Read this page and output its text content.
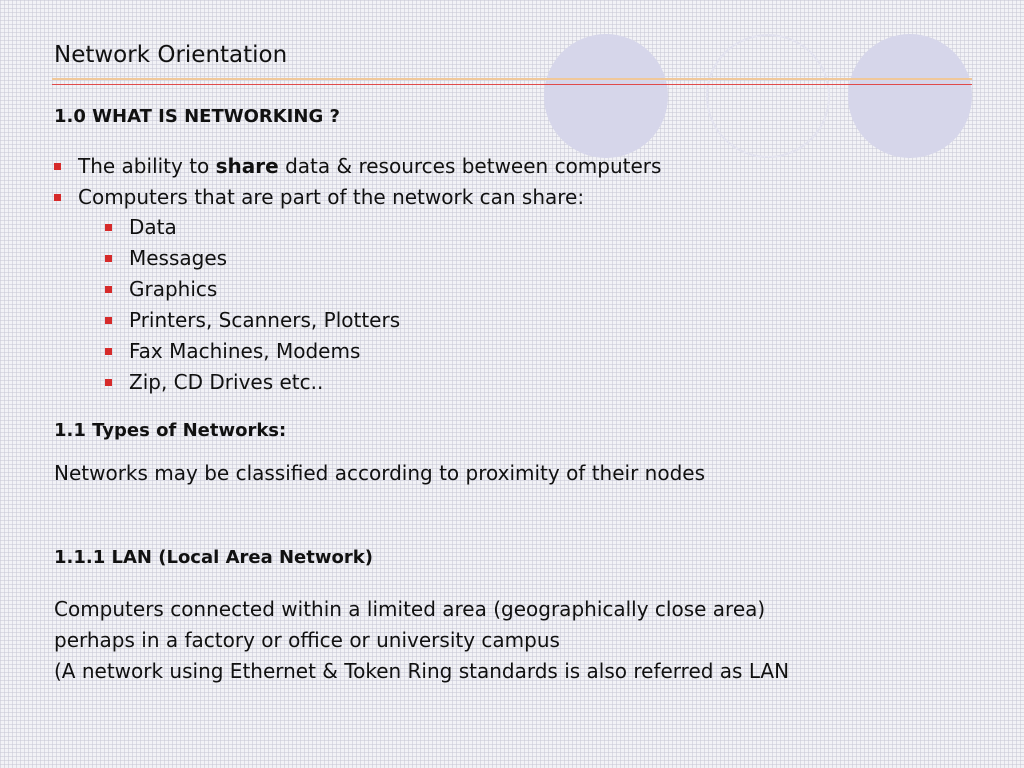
Network Orientation
1.0 WHAT IS NETWORKING ?
The ability to share data & resources between computers
Computers that are part of the network can share:
Data
Messages
Graphics
Printers, Scanners, Plotters
Fax Machines, Modems
Zip, CD Drives etc..
1.1 Types of Networks:
Networks may be classified according to proximity of their nodes
1.1.1 LAN (Local Area Network)
Computers connected within a limited area (geographically close area)
perhaps in a factory or office or university campus
(A network using Ethernet & Token Ring standards is also referred as LAN
